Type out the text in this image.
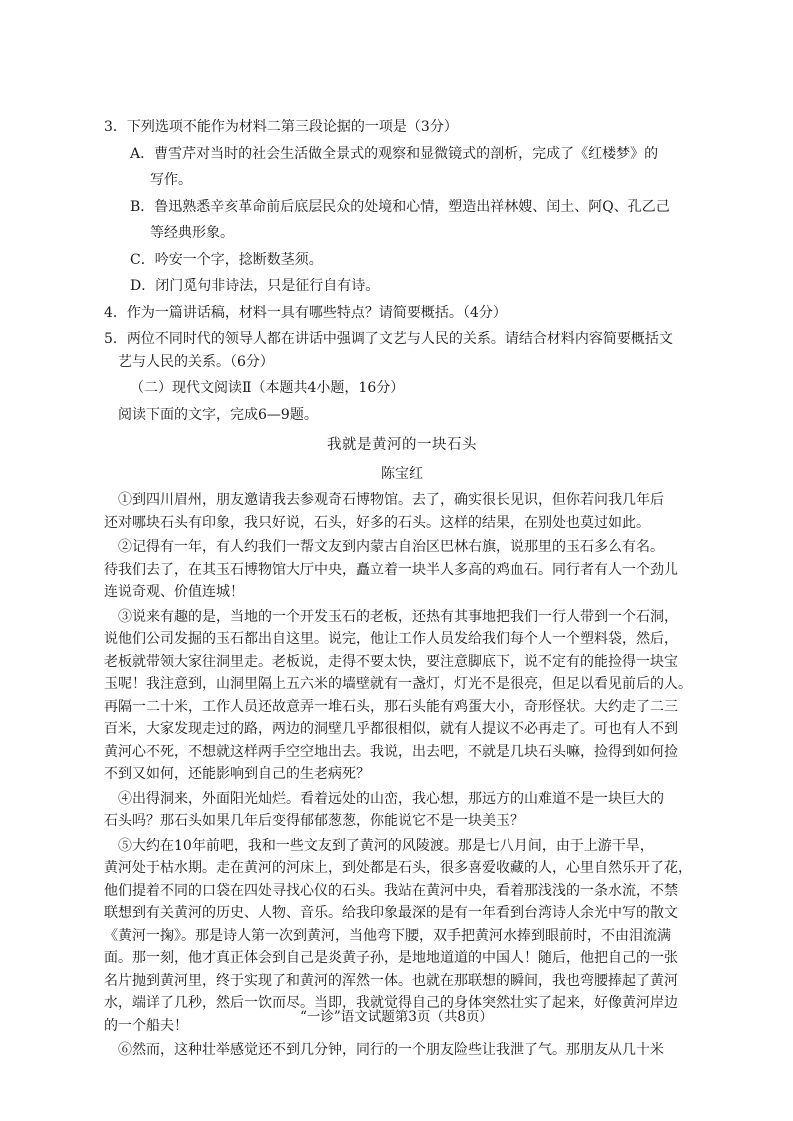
3．下列选项不能作为材料二第三段论据的一项是（3分）
A．曹雪芹对当时的社会生活做全景式的观察和显微镜式的剖析，完成了《红楼梦》的
写作。
B．鲁迅熟悉辛亥革命前后底层民众的处境和心情，塑造出祥林嫂、闰土、阿Q、孔乙己
等经典形象。
C．吟安一个字，捻断数茎须。
D．闭门觅句非诗法，只是征行自有诗。
4．作为一篇讲话稿，材料一具有哪些特点？请简要概括。（4分）
5．两位不同时代的领导人都在讲话中强调了文艺与人民的关系。请结合材料内容简要概括文
艺与人民的关系。（6分）
（二）现代文阅读Ⅱ（本题共4小题，16分）
阅读下面的文字，完成6—9题。
我就是黄河的一块石头
陈宝红

①到四川眉州，朋友邀请我去参观奇石博物馆。去了，确实很长见识，但你若问我几年后

还对哪块石头有印象，我只好说，石头，好多的石头。这样的结果，在别处也莫过如此。

②记得有一年，有人约我们一帮文友到内蒙古自治区巴林右旗，说那里的玉石多么有名。

待我们去了，在其玉石博物馆大厅中央，矗立着一块半人多高的鸡血石。同行者有人一个劲儿

连说奇观、价值连城！

③说来有趣的是，当地的一个开发玉石的老板，还热有其事地把我们一行人带到一个石洞，

说他们公司发掘的玉石都出自这里。说完，他让工作人员发给我们每个人一个塑料袋，然后，

老板就带领大家往洞里走。老板说，走得不要太快，要注意脚底下，说不定有的能捡得一块宝

玉呢！我注意到，山洞里隔上五六米的墙壁就有一盏灯，灯光不是很亮，但足以看见前后的人。

再隔一二十米，工作人员还故意弄一堆石头，那石头能有鸡蛋大小，奇形怪状。大约走了二三

百米，大家发现走过的路，两边的洞壁几乎都很相似，就有人提议不必再走了。可也有人不到

黄河心不死，不想就这样两手空空地出去。我说，出去吧，不就是几块石头嘛，捡得到如何捡

不到又如何，还能影响到自己的生老病死？

④出得洞来，外面阳光灿烂。看着远处的山峦，我心想，那远方的山难道不是一块巨大的

石头吗？那石头如果几年后变得郁郁葱葱，你能说它不是一块美玉？

⑤大约在10年前吧，我和一些文友到了黄河的风陵渡。那是七八月间，由于上游干旱，

黄河处于枯水期。走在黄河的河床上，到处都是石头，很多喜爱收藏的人，心里自然乐开了花，

他们提着不同的口袋在四处寻找心仪的石头。我站在黄河中央，看着那浅浅的一条水流，不禁

联想到有关黄河的历史、人物、音乐。给我印象最深的是有一年看到台湾诗人余光中写的散文

《黄河一掬》。那是诗人第一次到黄河，当他弯下腰，双手把黄河水捧到眼前时，不由泪流满

面。那一刻，他才真正体会到自己是炎黄子孙，是地地道道的中国人！随后，他把自己的一张

名片抛到黄河里，终于实现了和黄河的浑然一体。也就在那联想的瞬间，我也弯腰捧起了黄河

水，端详了几秒，然后一饮而尽。当即，我就觉得自己的身体突然壮实了起来，好像黄河岸边

的一个船夫！

⑥然而，这种壮举感觉还不到几分钟，同行的一个朋友险些让我泄了气。那朋友从几十米

“一诊”语文试题第3页（共8页）
